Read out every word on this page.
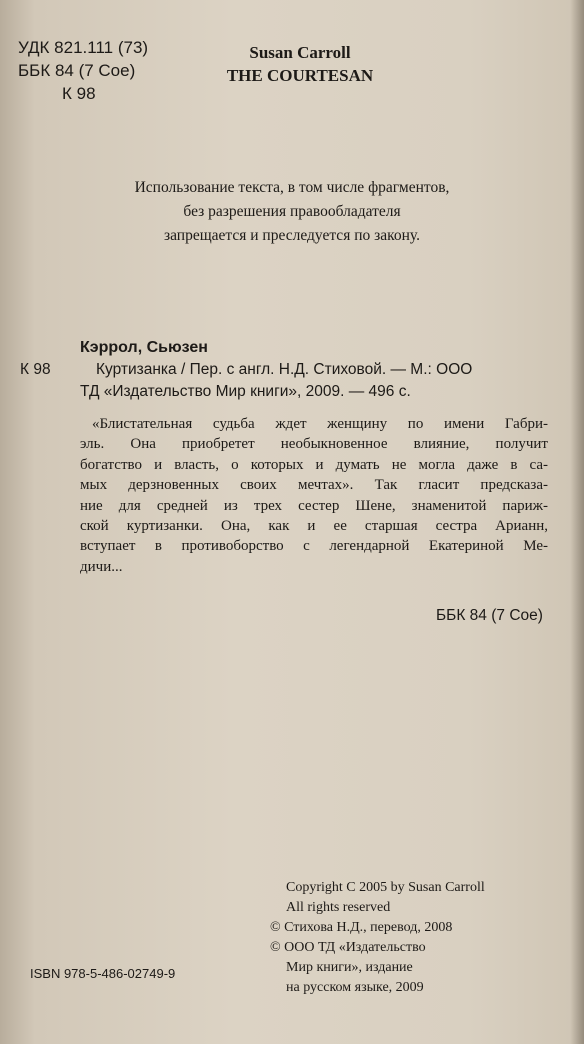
УДК 821.111 (73)
ББК 84 (7 Сое)
К 98
Susan Carroll
THE COURTESAN
Использование текста, в том числе фрагментов,
без разрешения правообладателя
запрещается и преследуется по закону.
Кэррол, Сьюзен
К 98	Куртизанка / Пер. с англ. Н.Д. Стиховой. — М.: ООО
ТД «Издательство Мир книги», 2009. — 496 с.
«Блистательная судьба ждет женщину по имени Габри-
эль. Она приобретет необыкновенное влияние, получит
богатство и власть, о которых и думать не могла даже в са-
мых дерзновенных своих мечтах». Так гласит предсказа-
ние для средней из трех сестер Шене, знаменитой париж-
ской куртизанки. Она, как и ее старшая сестра Арианн,
вступает в противоборство с легендарной Екатериной Ме-
дичи...
ББК 84 (7 Сое)
Copyright С 2005 by Susan Carroll
All rights reserved
© Стихова Н.Д., перевод, 2008
© ООО ТД «Издательство
Мир книги», издание
на русском языке, 2009
ISBN 978-5-486-02749-9
